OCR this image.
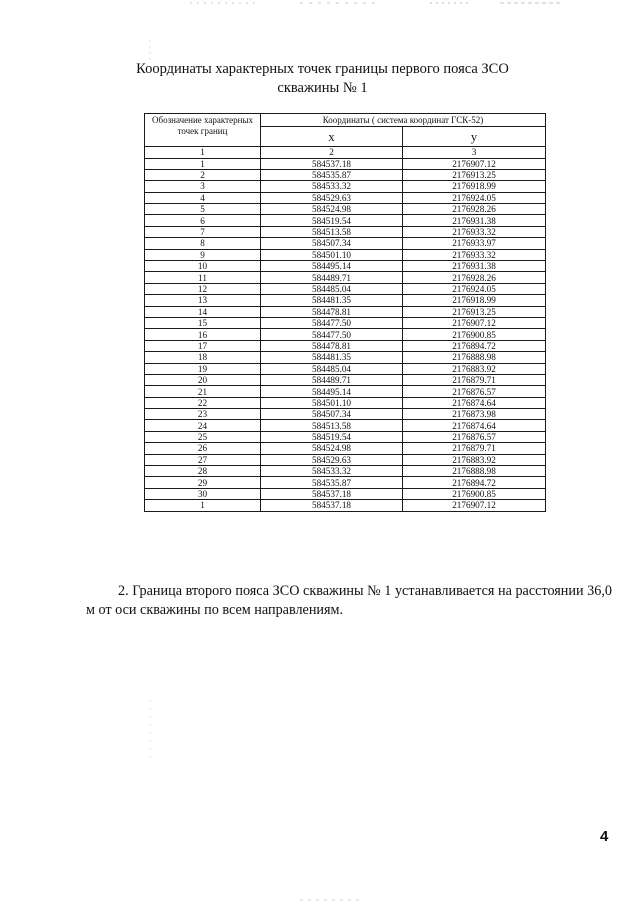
Координаты характерных точек границы первого пояса ЗСО
скважины № 1
Обозначение характерных точек границ	Координаты ( система координат ГСК-52)	
	x	y
1	2	3
1	584537.18	2176907.12
2	584535.87	2176913.25
3	584533.32	2176918.99
4	584529.63	2176924.05
5	584524.98	2176928.26
6	584519.54	2176931.38
7	584513.58	2176933.32
8	584507.34	2176933.97
9	584501.10	2176933.32
10	584495.14	2176931.38
11	584489.71	2176928.26
12	584485.04	2176924.05
13	584481.35	2176918.99
14	584478.81	2176913.25
15	584477.50	2176907.12
16	584477.50	2176900.85
17	584478.81	2176894.72
18	584481.35	2176888.98
19	584485.04	2176883.92
20	584489.71	2176879.71
21	584495.14	2176876.57
22	584501.10	2176874.64
23	584507.34	2176873.98
24	584513.58	2176874.64
25	584519.54	2176876.57
26	584524.98	2176879.71
27	584529.63	2176883.92
28	584533.32	2176888.98
29	584535.87	2176894.72
30	584537.18	2176900.85
1	584537.18	2176907.12
2. Граница второго пояса ЗСО скважины № 1 устанавливается на расстоянии 36,0 м от оси скважины по всем направлениям.
4
